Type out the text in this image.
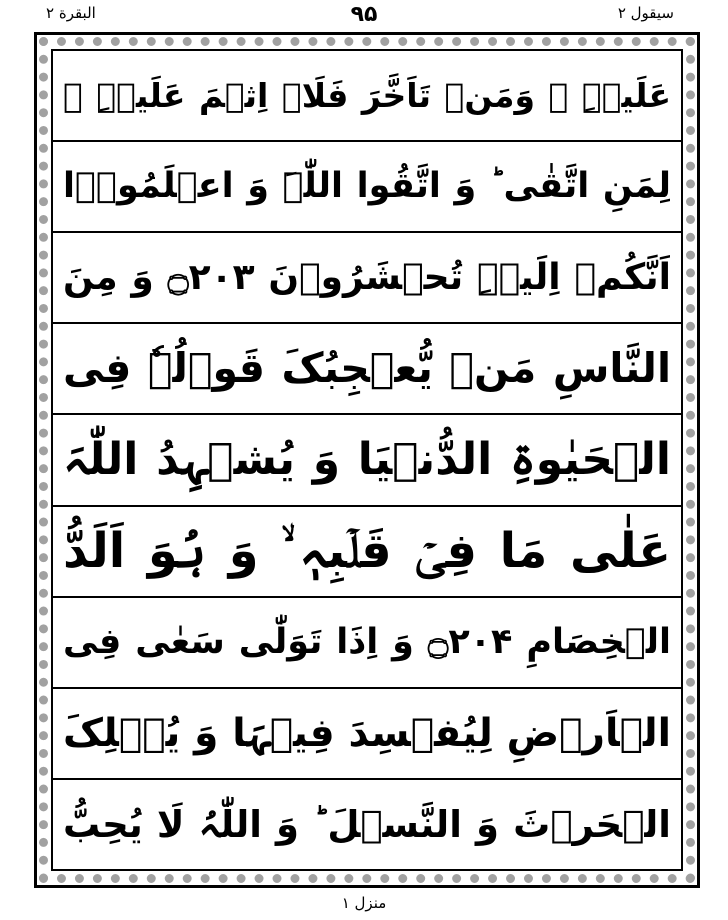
البقرة ۲	۹۵	سیقول ۲
عَلَیۡہِ ۚ وَمَنۡ تَاَخَّرَ فَلَاۤ اِثۡمَ عَلَیۡہِ ۙ
لِمَنِ اتَّقٰی ؕ وَ اتَّقُوا اللّٰہَ وَ اعۡلَمُوۡۤا
اَنَّکُمۡ اِلَیۡہِ تُحۡشَرُوۡنَ ۝۲۰۳ وَ مِنَ
النَّاسِ مَنۡ یُّعۡجِبُکَ قَوۡلُہٗ فِی
الۡحَیٰوۃِ الدُّنۡیَا وَ یُشۡہِدُ اللّٰہَ
عَلٰی مَا فِیۡ قَلۡبِہٖ ۙ وَ ہُوَ اَلَدُّ
الۡخِصَامِ ۝۲۰۴ وَ اِذَا تَوَلّٰی سَعٰی فِی
الۡاَرۡضِ لِیُفۡسِدَ فِیۡہَا وَ یُہۡلِکَ
الۡحَرۡثَ وَ النَّسۡلَ ؕ وَ اللّٰہُ لَا یُحِبُّ
منزل ۱
